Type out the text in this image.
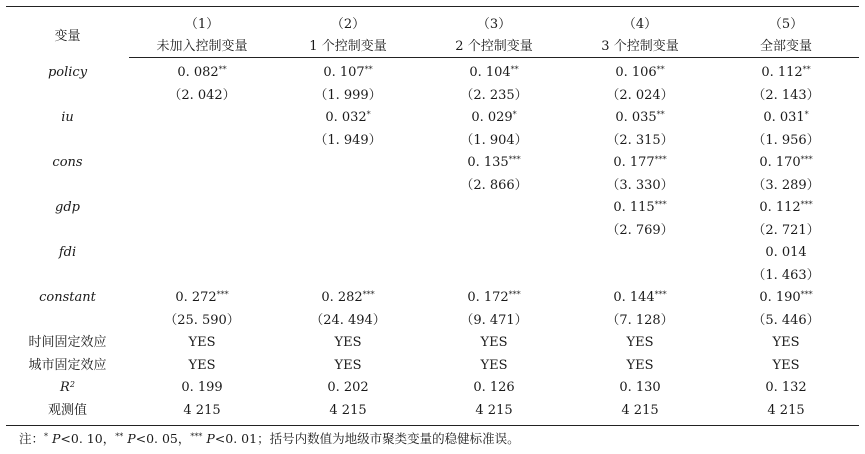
变量	（1）	（2）	（3）	（4）	（5）
	未加入控制变量	1 个控制变量	2 个控制变量	3 个控制变量	全部变量
policy	0. 082**	0. 107**	0. 104**	0. 106**	0. 112**
	（2. 042）	（1. 999）	（2. 235）	（2. 024）	（2. 143）
iu		0. 032*	0. 029*	0. 035**	0. 031*
		（1. 949）	（1. 904）	（2. 315）	（1. 956）
cons			0. 135***	0. 177***	0. 170***
			（2. 866）	（3. 330）	（3. 289）
gdp				0. 115***	0. 112***
				（2. 769）	（2. 721）
fdi					0. 014
					（1. 463）
constant	0. 272***	0. 282***	0. 172***	0. 144***	0. 190***
	（25. 590）	（24. 494）	（9. 471）	（7. 128）	（5. 446）
时间固定效应	YES	YES	YES	YES	YES
城市固定效应	YES	YES	YES	YES	YES
$R^2$	0. 199	0. 202	0. 126	0. 130	0. 132
观测值	4 215	4 215	4 215	4 215	4 215
注：* P<0. 10，** P<0. 05，*** P<0. 01；括号内数值为地级市聚类变量的稳健标准误。
